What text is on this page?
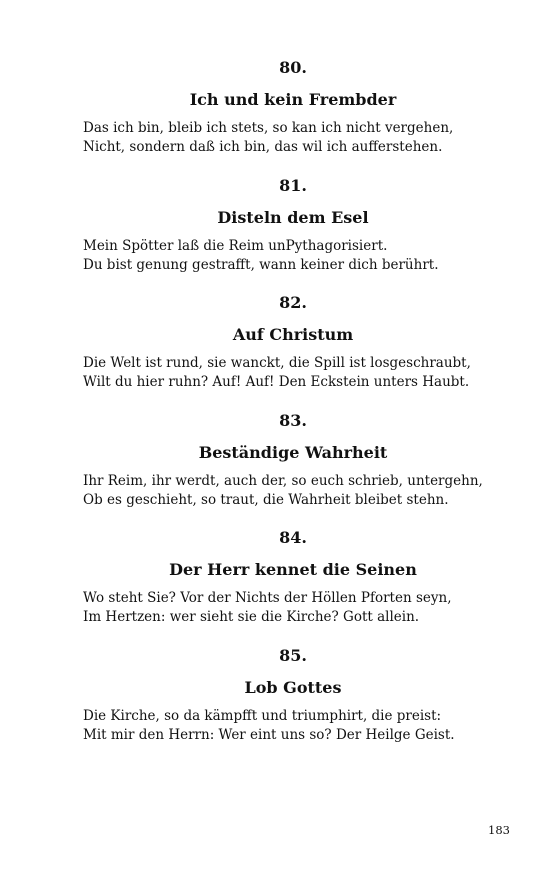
80.
Ich und kein Frembder
Das ich bin, bleib ich stets, so kan ich nicht vergehen,
Nicht, sondern daß ich bin, das wil ich aufferstehen.
81.
Disteln dem Esel
Mein Spötter laß die Reim unPythagorisiert.
Du bist genung gestrafft, wann keiner dich berührt.
82.
Auf Christum
Die Welt ist rund, sie wanckt, die Spill ist losgeschraubt,
Wilt du hier ruhn? Auf! Auf! Den Eckstein unters Haubt.
83.
Beständige Wahrheit
Ihr Reim, ihr werdt, auch der, so euch schrieb, untergehn,
Ob es geschieht, so traut, die Wahrheit bleibet stehn.
84.
Der Herr kennet die Seinen
Wo steht Sie? Vor der Nichts der Höllen Pforten seyn,
Im Hertzen: wer sieht sie die Kirche? Gott allein.
85.
Lob Gottes
Die Kirche, so da kämpfft und triumphirt, die preist:
Mit mir den Herrn: Wer eint uns so? Der Heilge Geist.
183
